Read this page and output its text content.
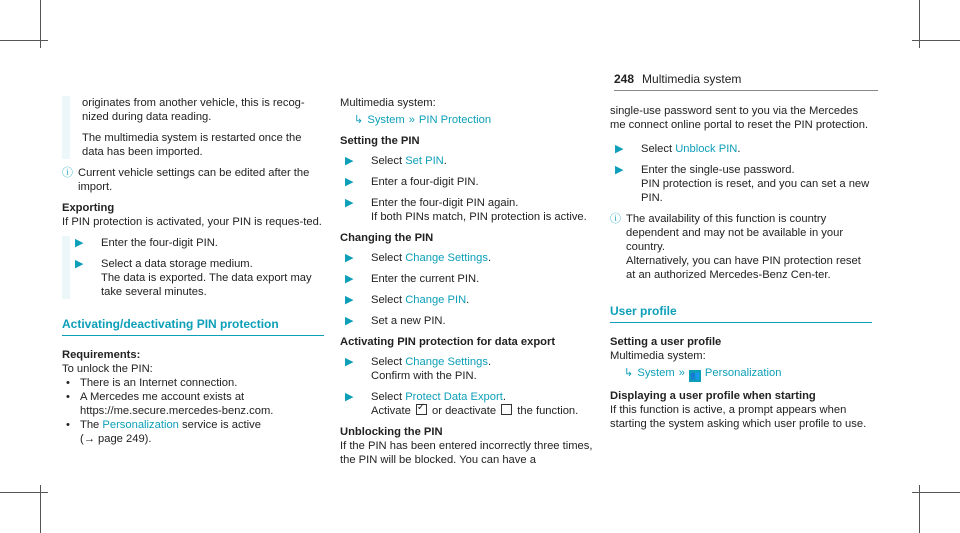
248 Multimedia system

originates from another vehicle, this is recog-nized during data reading.

The multimedia system is restarted once the data has been imported.

ⓘ Current vehicle settings can be edited after the import.
Exporting

If PIN protection is activated, your PIN is reques-ted.

▶	Enter the four-digit PIN.
▶	Select a data storage medium.
The data is exported. The data export may take several minutes.
Activating/deactivating PIN protection
Requirements:
To unlock the PIN:
• There is an Internet connection.
• A Mercedes me account exists at https://me.secure.mercedes-benz.com.
• The Personalization service is active
(→ page 249).

Multimedia system:

↳ System » PIN Protection
Setting the PIN
▶	Select Set PIN.
▶	Enter a four-digit PIN.
▶	Enter the four-digit PIN again.
If both PINs match, PIN protection is active.
Changing the PIN
▶	Select Change Settings.
▶	Enter the current PIN.
▶	Select Change PIN.
▶	Set a new PIN.
Activating PIN protection for data export
▶	Select Change Settings.
Confirm with the PIN.
▶	Select Protect Data Export.
Activate ✓ or deactivate  the function.
Unblocking the PIN

If the PIN has been entered incorrectly three times, the PIN will be blocked. You can have a

single-use password sent to you via the Mercedes me connect online portal to reset the PIN protection.

▶	Select Unblock PIN.
▶	Enter the single-use password.
PIN protection is reset, and you can set a new PIN.
ⓘ The availability of this function is country dependent and may not be available in your country.
Alternatively, you can have PIN protection reset at an authorized Mercedes-Benz Cen-ter.
User profile
Setting a user profile

Multimedia system:

↳ System » 👥 Personalization
Displaying a user profile when starting

If this function is active, a prompt appears when starting the system asking which user profile to use.
